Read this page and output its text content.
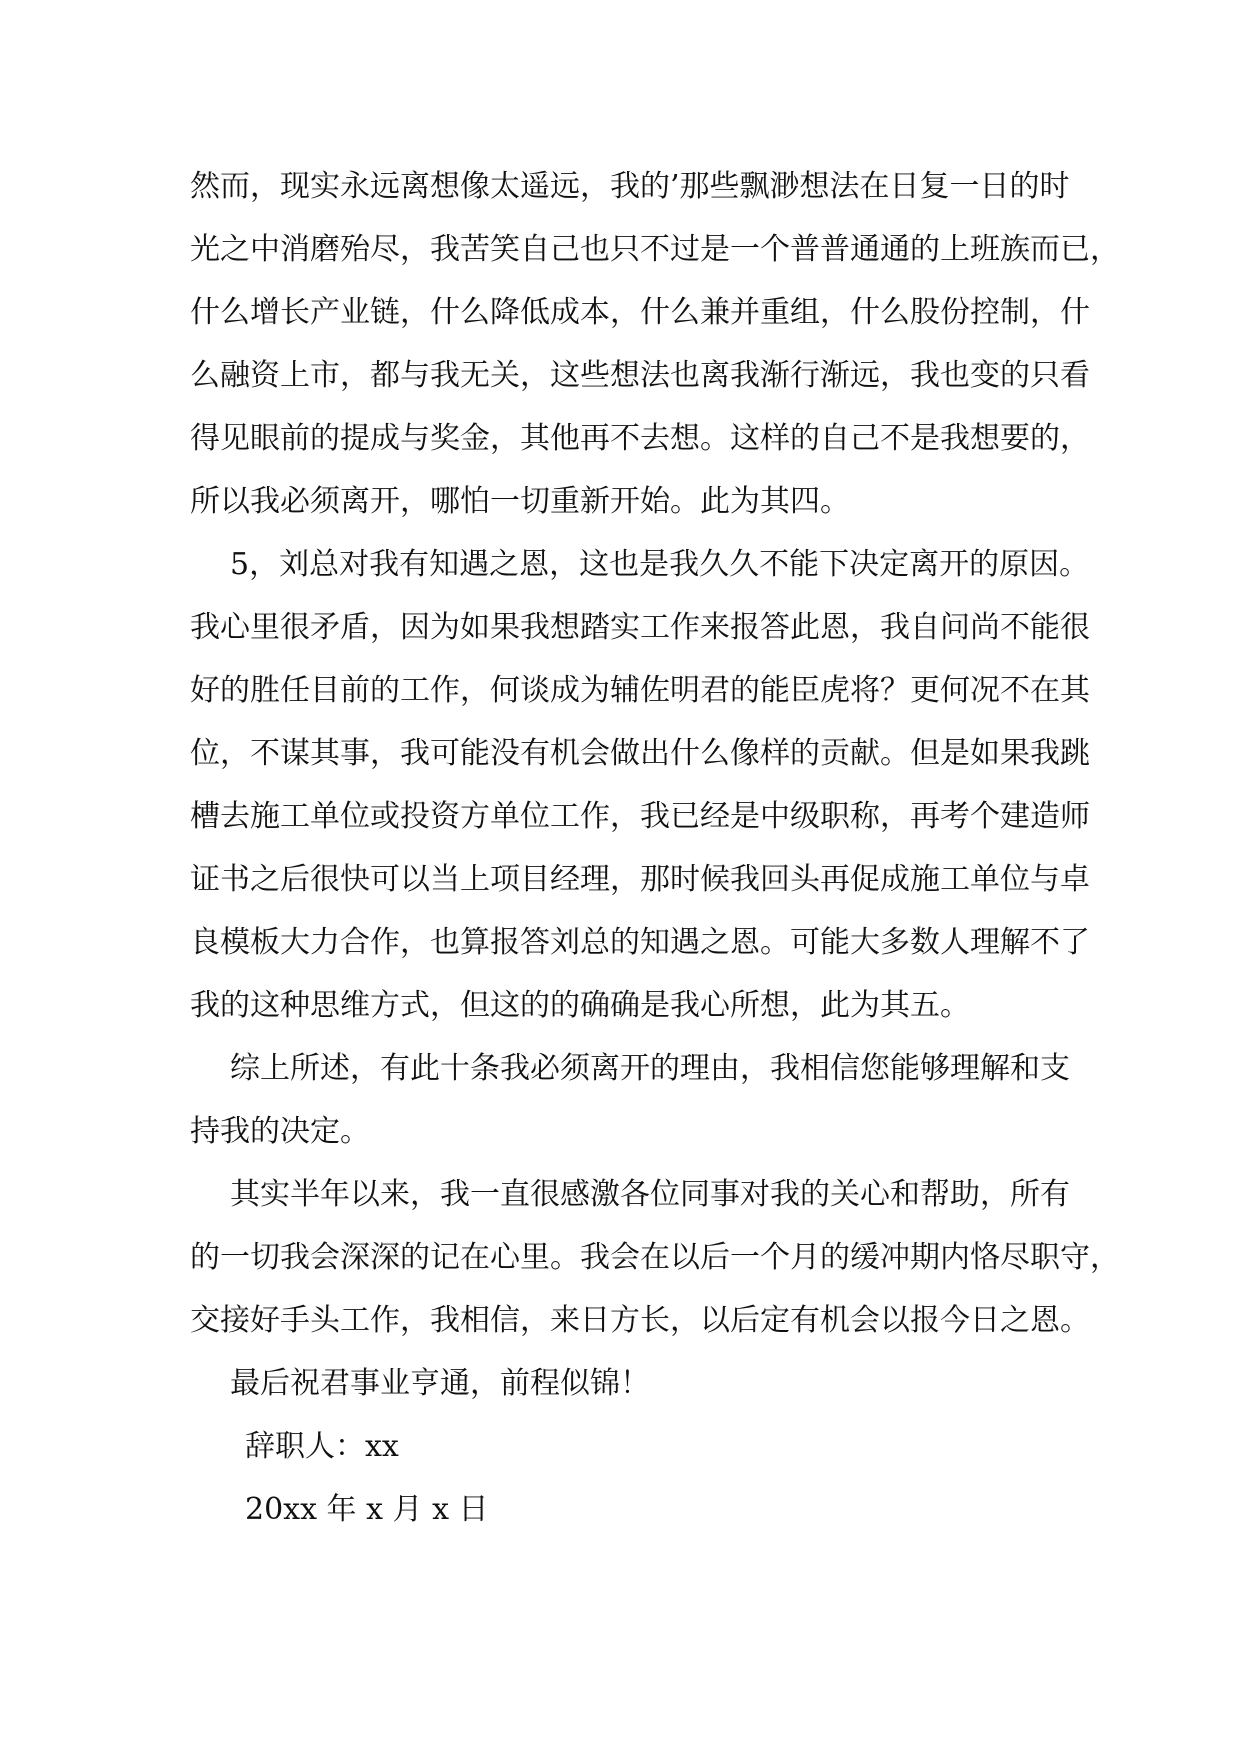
然而，现实永远离想像太遥远，我的’那些飘渺想法在日复一日的时
光之中消磨殆尽，我苦笑自己也只不过是一个普普通通的上班族而已，
什么增长产业链，什么降低成本，什么兼并重组，什么股份控制，什
么融资上市，都与我无关，这些想法也离我渐行渐远，我也变的只看
得见眼前的提成与奖金，其他再不去想。这样的自己不是我想要的，
所以我必须离开，哪怕一切重新开始。此为其四。
5，刘总对我有知遇之恩，这也是我久久不能下决定离开的原因。
我心里很矛盾，因为如果我想踏实工作来报答此恩，我自问尚不能很
好的胜任目前的工作，何谈成为辅佐明君的能臣虎将？更何况不在其
位，不谋其事，我可能没有机会做出什么像样的贡献。但是如果我跳
槽去施工单位或投资方单位工作，我已经是中级职称，再考个建造师
证书之后很快可以当上项目经理，那时候我回头再促成施工单位与卓
良模板大力合作，也算报答刘总的知遇之恩。可能大多数人理解不了
我的这种思维方式，但这的的确确是我心所想，此为其五。
综上所述，有此十条我必须离开的理由，我相信您能够理解和支
持我的决定。
其实半年以来，我一直很感激各位同事对我的关心和帮助，所有
的一切我会深深的记在心里。我会在以后一个月的缓冲期内恪尽职守，
交接好手头工作，我相信，来日方长，以后定有机会以报今日之恩。
最后祝君事业亨通，前程似锦！
辞职人：xx
20xx 年 x 月 x 日
